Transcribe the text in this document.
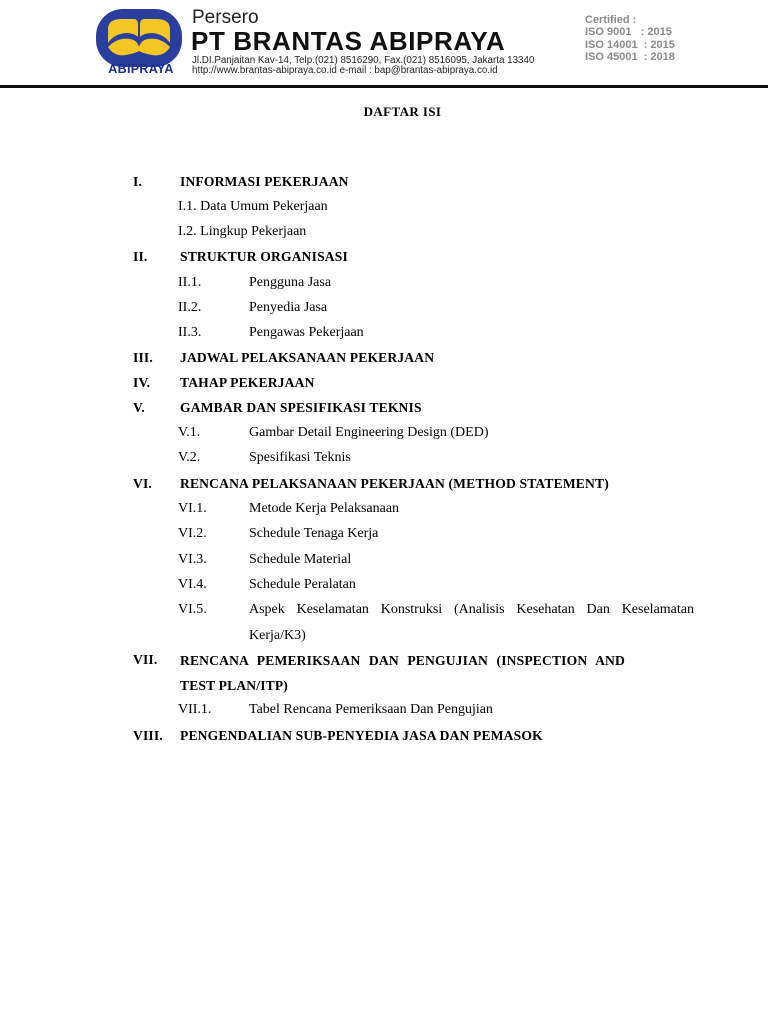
ABIPRAYA
Persero
PT BRANTAS ABIPRAYA
Jl.DI.Panjaitan Kav-14, Telp.(021) 8516290, Fax.(021) 8516095, Jakarta 13340
http://www.brantas-abipraya.co.id e-mail : bap@brantas-abipraya.co.id
Certified :
ISO 9001   : 2015
ISO 14001  : 2015
ISO 45001  : 2018
DAFTAR ISI
I.	INFORMASI PEKERJAAN
I.1. Data Umum Pekerjaan
I.2. Lingkup Pekerjaan
II. STRUKTUR ORGANISASI
II.1.	Pengguna Jasa
II.2.	Penyedia Jasa
II.3.	Pengawas Pekerjaan
III. JADWAL PELAKSANAAN PEKERJAAN
IV. TAHAP PEKERJAAN
V.	GAMBAR DAN SPESIFIKASI TEKNIS
V.1.	Gambar Detail Engineering Design (DED)
V.2.	Spesifikasi Teknis
VI. RENCANA PELAKSANAAN PEKERJAAN (METHOD STATEMENT)
VI.1.	Metode Kerja Pelaksanaan
VI.2.	Schedule Tenaga Kerja
VI.3.	Schedule Material
VI.4.	Schedule Peralatan
VI.5.	Aspek Keselamatan Konstruksi (Analisis Kesehatan Dan Keselamatan Kerja/K3)
VII. RENCANA PEMERIKSAAN DAN PENGUJIAN (INSPECTION AND TEST PLAN/ITP)
VII.1.	Tabel Rencana Pemeriksaan Dan Pengujian
VIII. PENGENDALIAN SUB-PENYEDIA JASA DAN PEMASOK
